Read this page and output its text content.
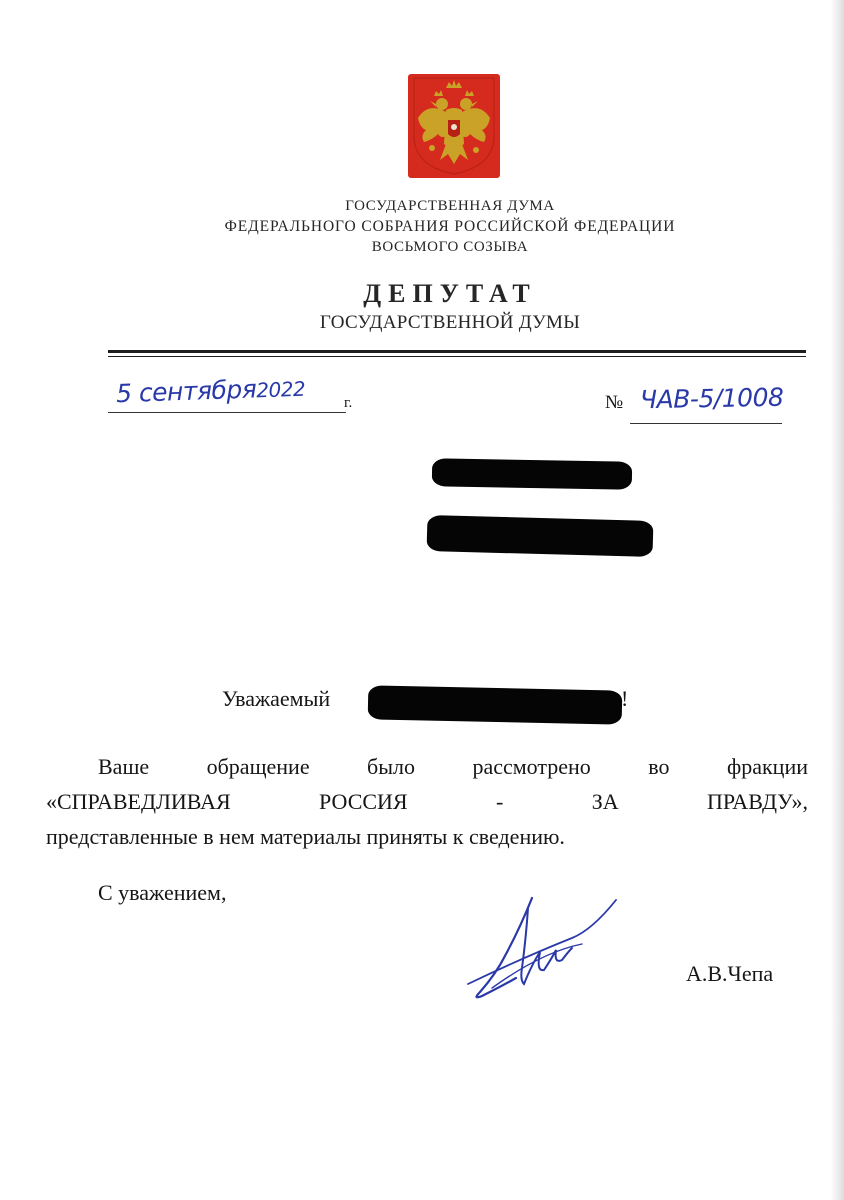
ГОСУДАРСТВЕННАЯ ДУМА
ФЕДЕРАЛЬНОГО СОБРАНИЯ РОССИЙСКОЙ ФЕДЕРАЦИИ
ВОСЬМОГО СОЗЫВА
ДЕПУТАТ
ГОСУДАРСТВЕННОЙ ДУМЫ
5 сентября2022
г.	№ ЧАВ-5/1008
Уважаемый	!
Ваше обращение было рассмотрено во фракции
«СПРАВЕДЛИВАЯ РОССИЯ - ЗА ПРАВДУ»,
представленные в нем материалы приняты к сведению.
С уважением,
А.В.Чепа
